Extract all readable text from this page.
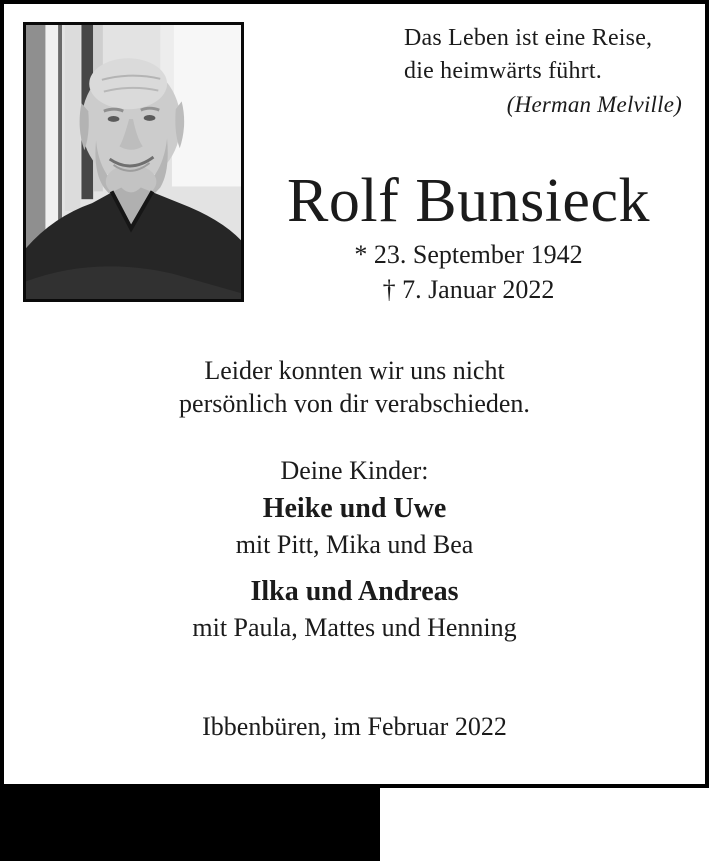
Das Leben ist eine Reise,
die heimwärts führt.
(Herman Melville)
Rolf Bunsieck
* 23. September 1942
† 7. Januar 2022
Leider konnten wir uns nicht
persönlich von dir verabschieden.
Deine Kinder:
Heike und Uwe
mit Pitt, Mika und Bea
Ilka und Andreas
mit Paula, Mattes und Henning
Ibbenbüren, im Februar 2022
